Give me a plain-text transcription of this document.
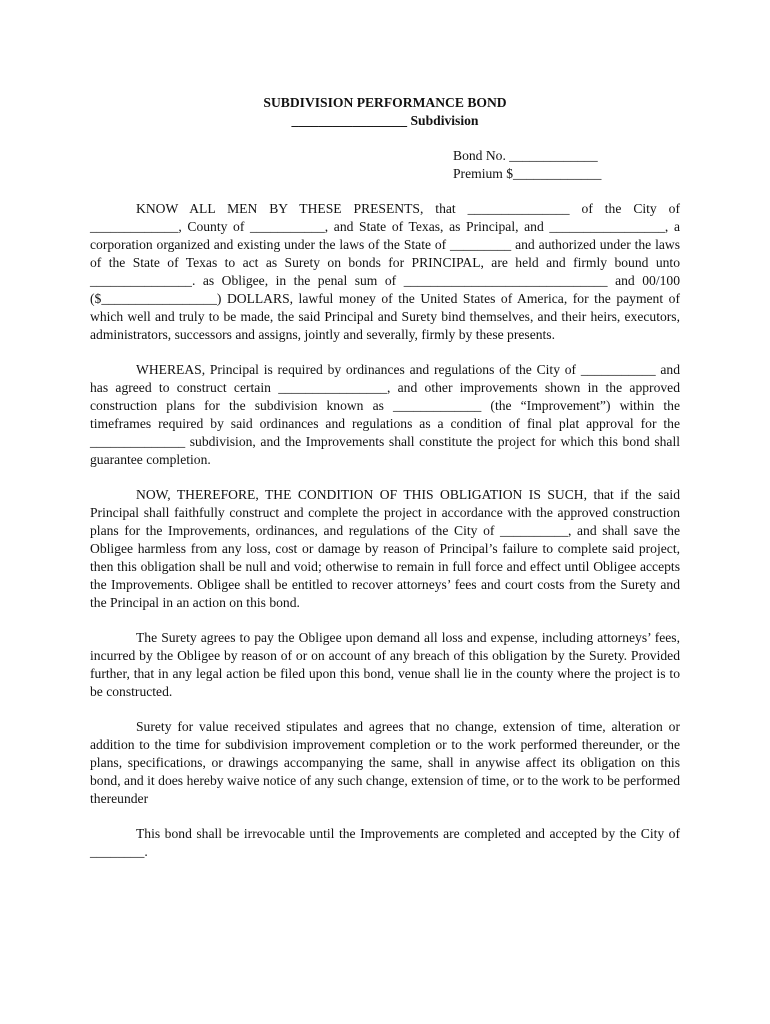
SUBDIVISION PERFORMANCE BOND
_________________ Subdivision
Bond No. _____________
Premium $_____________

KNOW ALL MEN BY THESE PRESENTS, that _______________ of the City of _____________, County of ___________, and State of Texas, as Principal, and _________________, a corporation organized and existing under the laws of the State of _________ and authorized under the laws of the State of Texas to act as Surety on bonds for PRINCIPAL, are held and firmly bound unto _______________. as Obligee, in the penal sum of ______________________________ and 00/100 ($_________________) DOLLARS, lawful money of the United States of America, for the payment of which well and truly to be made, the said Principal and Surety bind themselves, and their heirs, executors, administrators, successors and assigns, jointly and severally, firmly by these presents.

WHEREAS, Principal is required by ordinances and regulations of the City of ___________ and has agreed to construct certain ________________, and other improvements shown in the approved construction plans for the subdivision known as _____________ (the “Improvement”) within the timeframes required by said ordinances and regulations as a condition of final plat approval for the ______________ subdivision, and the Improvements shall constitute the project for which this bond shall guarantee completion.

NOW, THEREFORE, THE CONDITION OF THIS OBLIGATION IS SUCH, that if the said Principal shall faithfully construct and complete the project in accordance with the approved construction plans for the Improvements, ordinances, and regulations of the City of __________, and shall save the Obligee harmless from any loss, cost or damage by reason of Principal’s failure to complete said project, then this obligation shall be null and void; otherwise to remain in full force and effect until Obligee accepts the Improvements. Obligee shall be entitled to recover attorneys’ fees and court costs from the Surety and the Principal in an action on this bond.

The Surety agrees to pay the Obligee upon demand all loss and expense, including attorneys’ fees, incurred by the Obligee by reason of or on account of any breach of this obligation by the Surety. Provided further, that in any legal action be filed upon this bond, venue shall lie in the county where the project is to be constructed.

Surety for value received stipulates and agrees that no change, extension of time, alteration or addition to the time for subdivision improvement completion or to the work performed thereunder, or the plans, specifications, or drawings accompanying the same, shall in anywise affect its obligation on this bond, and it does hereby waive notice of any such change, extension of time, or to the work to be performed thereunder

This bond shall be irrevocable until the Improvements are completed and accepted by the City of ________.
